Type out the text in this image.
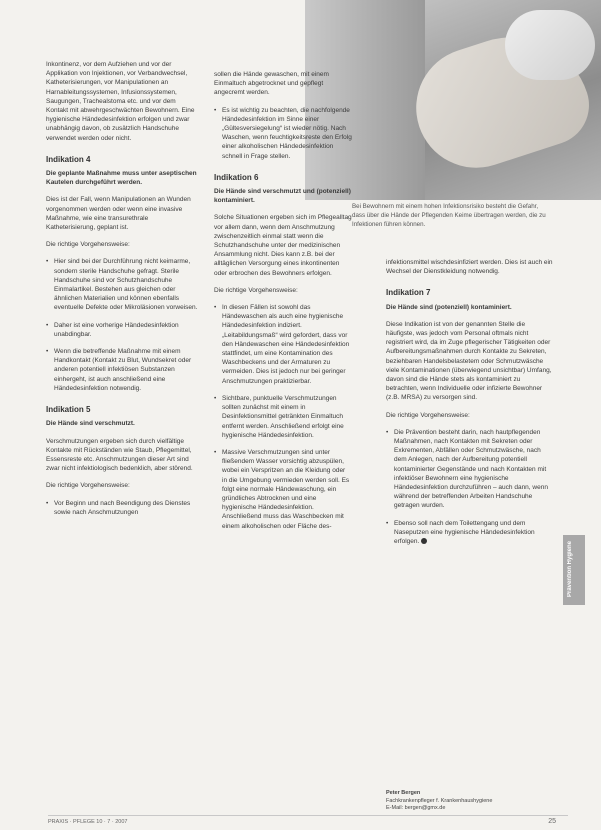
Bei Bewohnern mit einem hohen Infektionsrisiko besteht die Gefahr, dass über die Hände der Pflegenden Keime übertragen werden, die zu Infektionen führen können.

Inkontinenz, vor dem Aufziehen und vor der Applikation von Injektionen, vor Verbandwechsel, Katheterisierungen, vor Manipulationen an Harnableitungssystemen, Infusionssystemen, Saugungen, Trachealstoma etc. und vor dem Kontakt mit abwehrgeschwächten Bewohnern. Eine hygienische Händedesinfektion erfolgen und zwar unabhängig davon, ob zusätzlich Handschuhe verwendet werden oder nicht.

Indikation 4

Die geplante Maßnahme muss unter aseptischen Kautelen durchgeführt werden.

Dies ist der Fall, wenn Manipulationen an Wunden vorgenommen werden oder wenn eine invasive Maßnahme, wie eine transurethrale Katheterisierung, geplant ist.

Die richtige Vorgehensweise:

• Hier sind bei der Durchführung nicht keimarme, sondern sterile Handschuhe gefragt. Sterile Handschuhe sind vor Schutzhandschuhe Einmalartikel. Bestehen aus gleichen oder ähnlichen Materialien und können ebenfalls eventuelle Defekte oder Mikroläsionen vorweisen.
• Daher ist eine vorherige Händedesinfektion unabdingbar.
• Wenn die betreffende Maßnahme mit einem Handkontakt (Kontakt zu Blut, Wundsekret oder anderen potentiell infektiösen Substanzen einhergeht, ist auch anschließend eine Händedesinfektion notwendig.
Indikation 5

Die Hände sind verschmutzt.

Verschmutzungen ergeben sich durch vielfältige Kontakte mit Rückständen wie Staub, Pflegemittel, Essensreste etc. Anschmutzungen dieser Art sind zwar nicht infektiologisch bedenklich, aber störend.

Die richtige Vorgehensweise:

• Vor Beginn und nach Beendigung des Dienstes sowie nach Anschmutzungen

sollen die Hände gewaschen, mit einem Einmaltuch abgetrocknet und gepflegt angecremt werden.

• Es ist wichtig zu beachten, die nachfolgende Händedesinfektion im Sinne einer „Gültesversiegelung“ ist wieder nötig. Nach Waschen, wenn feuchtigkeitsreste den Erfolg einer alkoholischen Händedesinfektion schnell in Frage stellen.
Indikation 6

Die Hände sind verschmutzt und (potenziell) kontaminiert.

Solche Situationen ergeben sich im Pflegealltag vor allem dann, wenn dem Anschmutzung zwischenzeitlich einmal statt wenn die Schutzhandschuhe unter der medizinischen Ansammlung nicht. Dies kann z.B. bei der alltäglichen Versorgung eines inkontinenten oder erbrochen des Bewohners erfolgen.

Die richtige Vorgehensweise:

• In diesen Fällen ist sowohl das Händewaschen als auch eine hygienische Händedesinfektion indiziert. „Leitabildungsmaß“ wird gefordert, dass vor den Händewaschen eine Händedesinfektion stattfindet, um eine Kontamination des Waschbeckens und der Armaturen zu vermeiden. Dies ist jedoch nur bei geringer Anschmutzungen praktizierbar.
• Sichtbare, punktuelle Verschmutzungen sollten zunächst mit einem in Desinfektionsmittel getränkten Einmaltuch entfernt werden. Anschließend erfolgt eine hygienische Händedesinfektion.
• Massive Verschmutzungen sind unter fließendem Wasser vorsichtig abzuspülen, wobei ein Verspritzen an die Kleidung oder in die Umgebung vermieden werden soll. Es folgt eine normale Händewaschung, ein gründliches Abtrocknen und eine hygienische Händedesinfektion. Anschließend muss das Waschbecken mit einem alkoholischen oder Fläche des-

infektionsmittel wischdesinfiziert werden. Dies ist auch ein Wechsel der Dienstkleidung notwendig.

Indikation 7

Die Hände sind (potenziell) kontaminiert.

Diese Indikation ist von der genannten Stelle die häufigste, was jedoch vom Personal oftmals nicht registriert wird, da im Zuge pflegerischer Tätigkeiten oder Aufbereitungsmaßnahmen durch Kontakte zu Sekreten, beziehbaren Handelsbelastetem oder Schmutzwäsche viele Kontaminationen (überwiegend unsichtbar) Umfang, davon sind die Hände stets als kontaminiert zu betrachten, wenn Individuelle oder infizierte Bewohner (z.B. MRSA) zu versorgen sind.

Die richtige Vorgehensweise:

• Die Prävention besteht darin, nach hautpflegenden Maßnahmen, nach Kontakten mit Sekreten oder Exkrementen, Abfällen oder Schmutzwäsche, nach dem Anlegen, nach der Aufbereitung potentiell kontaminierter Gegenstände und nach Kontakten mit infektiöser Bewohnern eine hygienische Händedesinfektion durchzuführen – auch dann, wenn während der betreffenden Arbeiten Handschuhe getragen wurden.
• Ebenso soll nach dem Toilettengang und dem Naseputzen eine hygienische Händedesinfektion erfolgen.	Prävention Hygiene
Peter Bergen
Fachkrankenpfleger f. Krankenhaushygiene
E-Mail: bergen@gmx.de
PRAXIS · PFLEGE 10 · 7 · 2007	25
